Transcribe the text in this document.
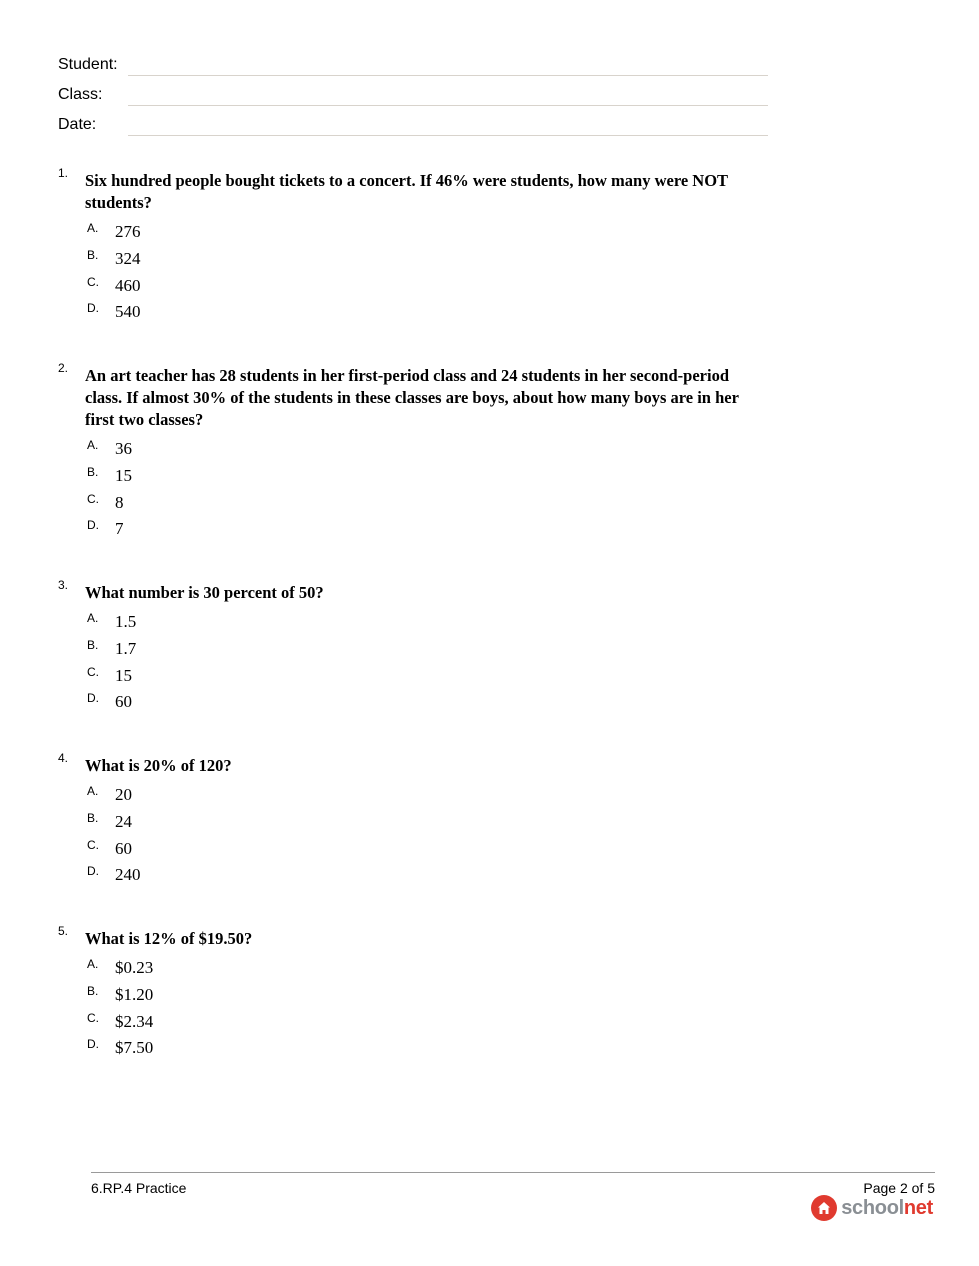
Student:
Class:
Date:
1. Six hundred people bought tickets to a concert. If 46% were students, how many were NOT students?
A. 276
B. 324
C. 460
D. 540
2. An art teacher has 28 students in her first-period class and 24 students in her second-period class. If almost 30% of the students in these classes are boys, about how many boys are in her first two classes?
A. 36
B. 15
C. 8
D. 7
3. What number is 30 percent of 50?
A. 1.5
B. 1.7
C. 15
D. 60
4. What is 20% of 120?
A. 20
B. 24
C. 60
D. 240
5. What is 12% of $19.50?
A. $0.23
B. $1.20
C. $2.34
D. $7.50
6.RP.4 Practice	Page 2 of 5
schoolnet
